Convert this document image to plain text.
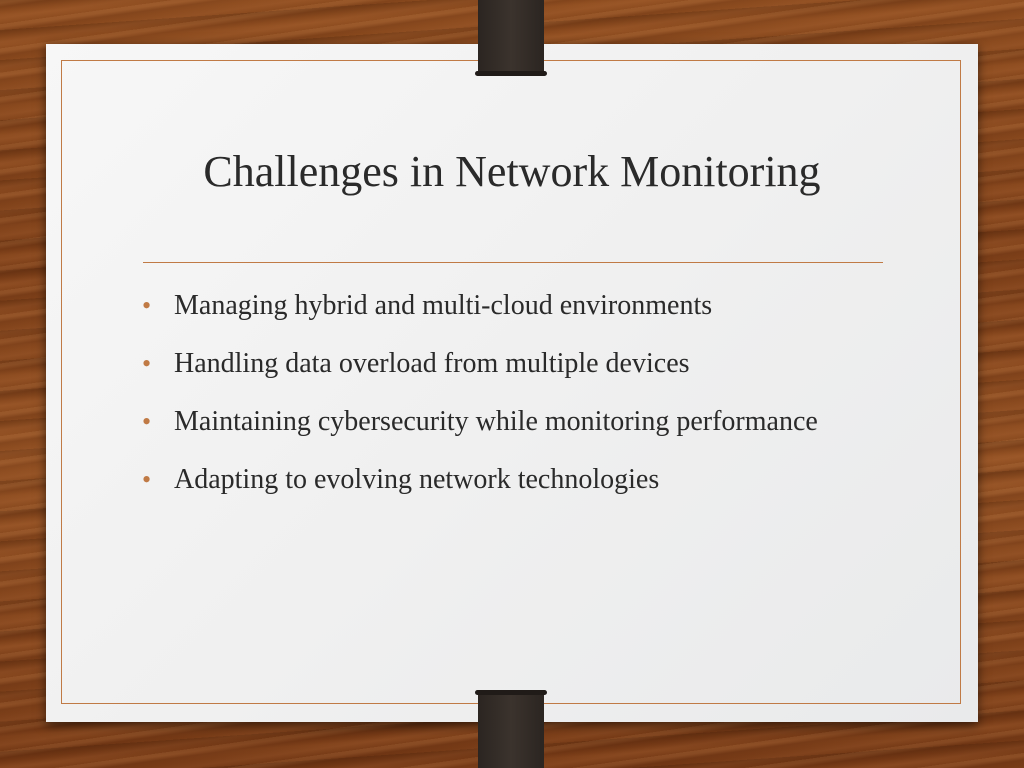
Challenges in Network Monitoring
• Managing hybrid and multi-cloud environments
• Handling data overload from multiple devices
• Maintaining cybersecurity while monitoring performance
• Adapting to evolving network technologies
